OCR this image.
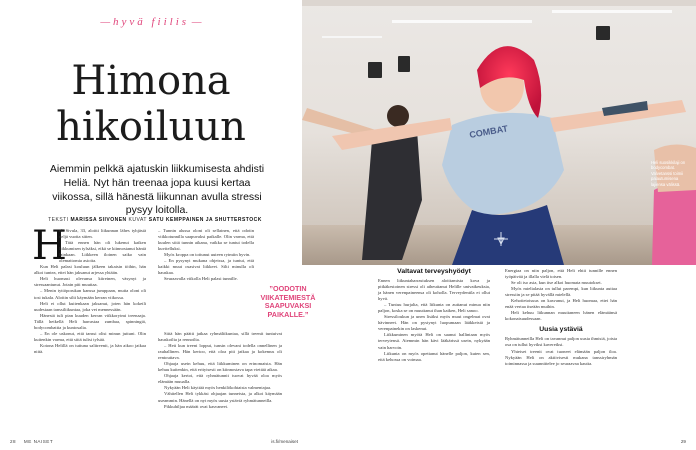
— hyvä fiilis —
Himona
hikoiluun

Aiemmin pelkkä ajatuskin liikkumisesta ahdisti Heliä. Nyt hän treenaa jopa kuusi kertaa viikossa, sillä hänestä liikunnan avulla stressi pysyy loitolla.

TEKSTI MARISSA SIIVONEN KUVAT SATU KEMPPAINEN JA SHUTTERSTOCK
H

eli Sivula, 33, aloitti liikunnan lähes tyhjästä neljä vuotta sitten.

Tätä ennen hän oli lukenut kaiken liikkumisen tylsäksi, eikä se kiinnostanut häntä lainkaan. Liikkeen iloinen saiko vain olemattomia asioita.

Kun Heli palasi kouluun jälkeen takaisin töihin, hän alkoi tuntea, ettei hän jaksanut arjessa yhtään.

Heli huomasi olevansa kiireinen, väsynyt ja stressaantunut. Jotain piti muuttaa.

– Menin tyttöporukan kanssa jumppaan, mutta oloni oli tosi tukala. Aloitin silti käymään kerran viikossa.

Heli ei ollut kuitenkaan jaksanut, joten hän kokeili uudestaan tanssiliikuntaa, joka vei mennessään.

Hänestä tuli pian kuuden kerran viikkorytmi treenaaja. Tällä hetkellä Heli harrastaa zumbaa, spinningiä, bodycombattia ja kuntosalia.

– En ole uskonut, että tanssi olisi minun juttuni. Olin kuitenkin varma, että siitä tulisi tylsää.

Kotona Helillä on tuttuna salitreenit, ja hän aikoo jatkaa niitä.

– Tunnin alussa oloni oli sellainen, että odotin viikkotunnilla saapuvaksi paikalle. Olin varma, että kuulen siitä tunnin aikana, vaikka se tuntui todella kuvitelluksi.

Myös kroppa on tottunut uuteen rytmiin hyvin.

– En pysynyt mukana ohjeissa, ja tuntui, että kaikki muut osasivat liikkeet. Silti minulla oli hauskaa.

Seuraavalla viikolla Heli palasi tunnille.

Siitä hän päätti jatkaa ryhmäliikuntaa, sillä treenit tuntuivat hauskoilta ja rennoilta.

– Heti kun treeni loppui, tunsin olevani todella onnellinen ja rauhallinen. Hän kertoo, että oloa piti jatkaa ja kokemus oli rentouttava.

Ohjaaja usein kehuu, että liikkuminen on erinomaista. Hän kehuu kuitenkin, että erityisesti on kiinnostava tapa viettää aikaa.

Ohjaaja kertoi, että ryhmätunnit tuovat hyvää oloa myös elämään muualla.

Nykyään Heli käyttää myös henkilökohtaista valmentajaa.

Vähitellen Heli tykkäsi ohjaajan tunneista, ja alkoi käymään useammin. Hänellä on nyt myös uusia ystäviä ryhmätunneilla.

Pikkuhiljaa määrät ovat kasvaneet.

”OODOTIN VIIKATEMIESTÄ SAAPUVAKSI PAIKALLE.”
28 ME NAISET	is.fi/menaiset
COMBAT
Heli suosikkilaji on bodycombat. Valvetanssi toimii palautumisena lajiensa välissä.
Valtavat terveyshyödyt

Ennen liikuntaharrastuksen aloittamista kova ja pitkäkestoinen stressi oli aiheuttanut Helille univaikeuksia, ja hänen verenpaineensa oli koholla. Terveydentila ei ollut hyvä.

– Tuntuu hurjalta, että liikunta on auttanut minua niin paljon, koska se on muuttanut ihan kaiken, Heli sanoo.

Stressiloukun ja unen lisäksi myös muut ongelmat ovat hävinneet. Hän on pystynyt luopumaan lääkkeistä ja verenpainekin on laskenut.

Liikkuminen myötä Heli on saanut hallintaan myös terveytensä. Aiemmin hän kävi lääkärissä usein, nykyään vain harvoin.

Liikunta on myös opettanut hänelle paljon, kuten sen, että kehossa on voimaa.

Energiaa on niin paljon, että Heli ehtii tunnille ennen työpäivää ja illalla vielä toisen.

Se oli iso asia, kun itse alkoi huomata muutokset.

Myös mielialasta on tullut parempi, kun liikunta auttaa stressiin ja se pitää hyvällä mielellä.

Kehotietoisuus on kasvanut, ja Heli huomaa, ettei hän enää vertaa itseään muihin.

Heli kehuu liikunnan muuttaneen hänen elämäänsä kokonaisuudessaan.

Uusia ystäviä

Ryhmätunneilla Heli on tavannut paljon uusia ihmisiä, joista osa on tullut hyviksi kavereiksi.

Yhteiset treenit ovat tuoneet elämään paljon iloa. Nykyään Heli on aktiivisesti mukana tanssiryhmän toiminnassa ja suunnittelee jo seuraavaa kautta.

29
